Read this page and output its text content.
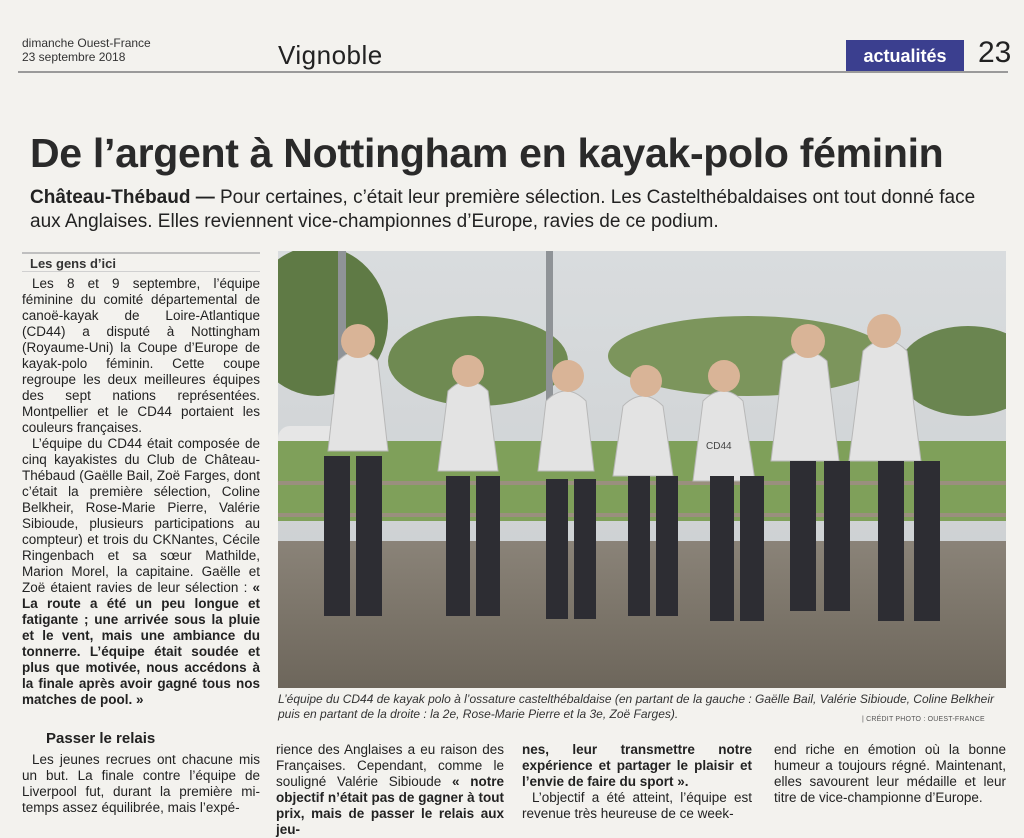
dimanche Ouest-France
23 septembre 2018	Vignoble	actualités	23
De l’argent à Nottingham en kayak-polo féminin
Château-Thébaud — Pour certaines, c’était leur première sélection. Les Castelthébaldaises ont tout donné face aux Anglaises. Elles reviennent vice-championnes d’Europe, ravies de ce podium.
Les gens d’ici

Les 8 et 9 septembre, l’équipe féminine du comité départemental de canoë-kayak de Loire-Atlantique (CD44) a disputé à Nottingham (Royaume-Uni) la Coupe d’Europe de kayak-polo féminin. Cette coupe regroupe les deux meilleures équipes des sept nations représentées. Montpellier et le CD44 portaient les couleurs françaises.

L’équipe du CD44 était composée de cinq kayakistes du Club de Château-Thébaud (Gaëlle Bail, Zoë Farges, dont c’était la première sélection, Coline Belkheir, Rose-Marie Pierre, Valérie Sibioude, plusieurs participations au compteur) et trois du CKNantes, Cécile Ringenbach et sa sœur Mathilde, Marion Morel, la capitaine. Gaëlle et Zoë étaient ravies de leur sélection : « La route a été un peu longue et fatigante ; une arrivée sous la pluie et le vent, mais une ambiance du tonnerre. L’équipe était soudée et plus que motivée, nous accédons à la finale après avoir gagné tous nos matches de pool. »

Passer le relais

Les jeunes recrues ont chacune mis un but. La finale contre l’équipe de Liverpool fut, durant la première mi-temps assez équilibrée, mais l’expé-

rience des Anglaises a eu raison des Françaises. Cependant, comme le souligné Valérie Sibioude « notre objectif n’était pas de gagner à tout prix, mais de passer le relais aux jeu-

nes, leur transmettre notre expérience et partager le plaisir et l’envie de faire du sport ».

L’objectif a été atteint, l’équipe est revenue très heureuse de ce week-

end riche en émotion où la bonne humeur a toujours régné. Maintenant, elles savourent leur médaille et leur titre de vice-championne d’Europe.

CD44
L’équipe du CD44 de kayak polo à l’ossature castelthébaldaise (en partant de la gauche : Gaëlle Bail, Valérie Sibioude, Coline Belkheir puis en partant de la droite : la 2e, Rose-Marie Pierre et la 3e, Zoë Farges).	| CRÉDIT PHOTO : OUEST-FRANCE
